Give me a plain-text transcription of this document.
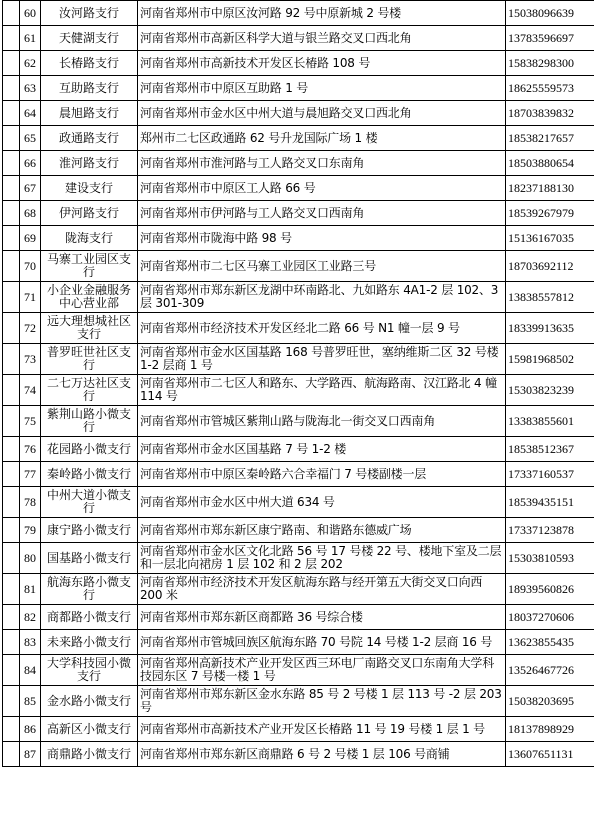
	60	汝河路支行	河南省郑州市中原区汝河路 92 号中原新城 2 号楼	15038096639
	61	天健湖支行	河南省郑州市高新区科学大道与银兰路交叉口西北角	13783596697
	62	长椿路支行	河南省郑州市高新技术开发区长椿路 108 号	15838298300
	63	互助路支行	河南省郑州市中原区互助路 1 号	18625559573
	64	晨旭路支行	河南省郑州市金水区中州大道与晨旭路交叉口西北角	18703839832
	65	政通路支行	郑州市二七区政通路 62 号升龙国际广场 1 楼	18538217657
	66	淮河路支行	河南省郑州市淮河路与工人路交叉口东南角	18503880654
	67	建设支行	河南省郑州市中原区工人路 66 号	18237188130
	68	伊河路支行	河南省郑州市伊河路与工人路交叉口西南角	18539267979
	69	陇海支行	河南省郑州市陇海中路 98 号	15136167035
	70	马寨工业园区支行	河南省郑州市二七区马寨工业园区工业路三号	18703692112
	71	小企业金融服务中心营业部	河南省郑州市郑东新区龙湖中环南路北、九如路东 4A1-2 层 102、3 层 301-309	13838557812
	72	远大理想城社区支行	河南省郑州市经济技术开发区经北二路 66 号 N1 幢一层 9 号	18339913635
	73	普罗旺世社区支行	河南省郑州市金水区国基路 168 号普罗旺世，塞纳维斯二区 32 号楼 1-2 层商 1 号	15981968502
	74	二七万达社区支行	河南省郑州市二七区人和路东、大学路西、航海路南、汉江路北 4 幢 114 号	15303823239
	75	紫荆山路小微支行	河南省郑州市管城区紫荆山路与陇海北一街交叉口西南角	13383855601
	76	花园路小微支行	河南省郑州市金水区国基路 7 号 1-2 楼	18538512367
	77	秦岭路小微支行	河南省郑州市中原区秦岭路六合幸福门 7 号楼副楼一层	17337160537
	78	中州大道小微支行	河南省郑州市金水区中州大道 634 号	18539435151
	79	康宁路小微支行	河南省郑州市郑东新区康宁路南、和谐路东德威广场	17337123878
	80	国基路小微支行	河南省郑州市金水区文化北路 56 号 17 号楼 22 号、楼地下室及二层和一层北向裙房 1 层 102 和 2 层 202	15303810593
	81	航海东路小微支行	河南省郑州市经济技术开发区航海东路与经开第五大街交叉口向西 200 米	18939560826
	82	商都路小微支行	河南省郑州市郑东新区商都路 36 号综合楼	18037270606
	83	未来路小微支行	河南省郑州市管城回族区航海东路 70 号院 14 号楼 1-2 层商 16 号	13623855435
	84	大学科技园小微支行	河南省郑州高新技术产业开发区西三环电厂南路交叉口东南角大学科技园东区 7 号楼一楼 1 号	13526467726
	85	金水路小微支行	河南省郑州市郑东新区金水东路 85 号 2 号楼 1 层 113 号 -2 层 203 号	15038203695
	86	高新区小微支行	河南省郑州市高新技术产业开发区长椿路 11 号 19 号楼 1 层 1 号	18137898929
	87	商鼎路小微支行	河南省郑州市郑东新区商鼎路 6 号 2 号楼 1 层 106 号商铺	13607651131
